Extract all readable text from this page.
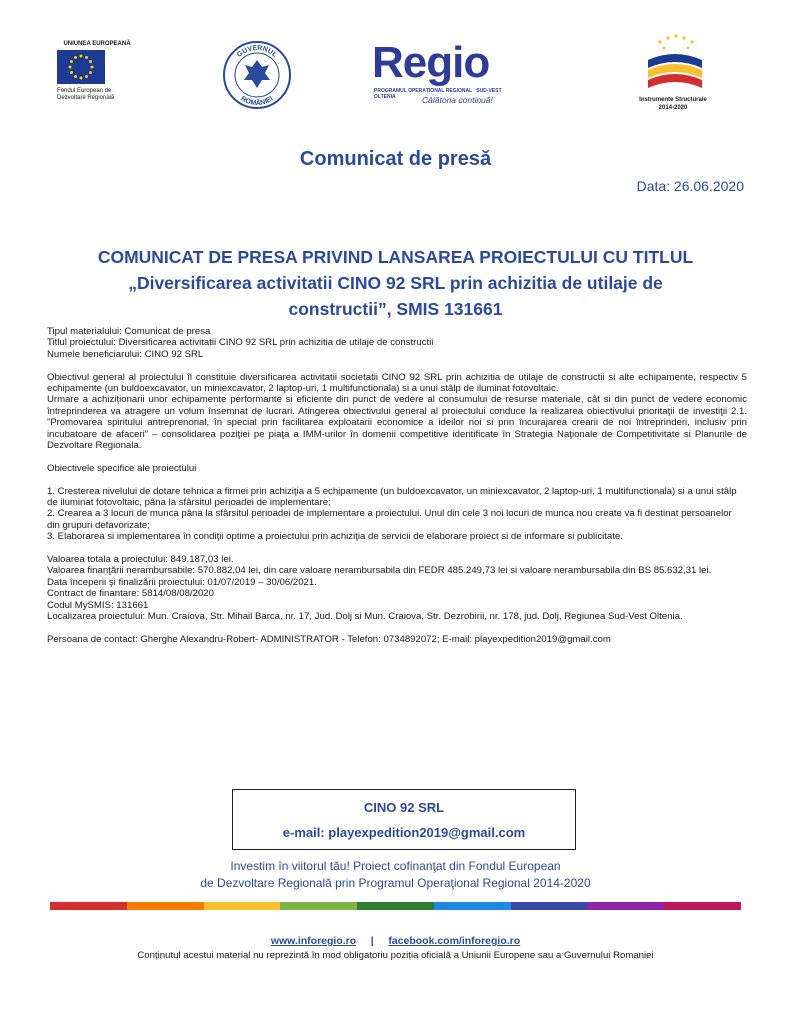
UNIUNEA EUROPEANĂ
Fondul European de
Dezvoltare Regională
GUVERNUL
ROMÂNIEI
Regio
PROGRAMUL OPERAȚIONAL REGIONAL SUD-VEST OLTENIA	Călătoria continuă!	Instrumente Structurale
2014-2020
Comunicat de presă
Data: 26.06.2020
COMUNICAT DE PRESA PRIVIND LANSAREA PROIECTULUI CU TITLUL
„Diversificarea activitatii CINO 92 SRL prin achizitia de utilaje de
constructii”, SMIS 131661

Tipul materialului: Comunicat de presa

Titlul proiectului: Diversificarea activitatii CINO 92 SRL prin achizitia de utilaje de constructii

Numele beneficiarului: CINO 92 SRL

Obiectivul general al proiectului îl constituie diversificarea activitatii societatii CINO 92 SRL prin achizitia de utilaje de constructii si alte echipamente, respectiv 5 echipamente (un buldoexcavator, un miniexcavator, 2 laptop-uri, 1 multifunctionala) si a unui stâlp de iluminat fotovoltaic.

Urmare a achiziționarii unor echipamente performante si eficiente din punct de vedere al consumului de resurse materiale, cât si din punct de vedere economic întreprinderea va atragere un volum însemnat de lucrari. Atingerea obiectivului general al proiectului conduce la realizarea obiectivului prioritaţii de investiţii 2.1. ”Promovarea spiritului antreprenorial, în special prin facilitarea exploatarii economice a ideilor noi si prin încurajarea crearii de noi întreprinderi, inclusiv prin incubatoare de afaceri” – consolidarea poziţiei pe piaţa a IMM-urilor în domenii competitive identificate în Strategia Naţionale de Competitivitate si Planurile de Dezvoltare Regionala.

Obiectivele specifice ale proiectului

1. Cresterea nivelului de dotare tehnica a firmei prin achiziţia a 5 echipamente (un buldoexcavator, un miniexcavator, 2 laptop-uri, 1 multifunctionala) si a unui stâlp de iluminat fotovoltaic, pâna la sfârsitul perioadei de implementare;

2. Crearea a 3 locuri de munca pâna la sfârsitul perioadei de implementare a proiectului. Unul din cele 3 noi locuri de munca nou create va fi destinat persoanelor din grupuri defavorizate;

3. Elaborarea si implementarea în condiţii optime a proiectului prin achiziţia de servicii de elaborare proiect si de informare si publicitate.

Valoarea totala a proiectului: 849.187,03 lei.

Valoarea finanţării nerambursabile: 570.882,04 lei, din care valoare nerambursabila din FEDR 485.249,73 lei si valoare nerambursabila din BS 85.632,31 lei.

Data începerii şi finalizării proiectului: 01/07/2019 – 30/06/2021.

Contract de finantare: 5814/08/08/2020

Codul MySMIS: 131661

Localizarea proiectului: Mun. Craiova, Str. Mihail Barca, nr. 17, Jud. Dolj si Mun. Craiova, Str. Dezrobirii, nr. 178, jud. Dolj, Regiunea Sud-Vest Oltenia.

Persoana de contact: Gherghe Alexandru-Robert- ADMINISTRATOR - Telefon: 0734892072; E-mail: playexpedition2019@gmail.com

CINO 92 SRL
e-mail: playexpedition2019@gmail.com
Investim în viitorul tău! Proiect cofinanţat din Fondul European
de Dezvoltare Regională prin Programul Operaţional Regional 2014-2020
www.inforegio.ro | facebook.com/inforegio.ro
Conținutul acestui material nu reprezintă în mod obligatoriu poziția oficială a Uniunii Europene sau a Guvernului Romaniei
